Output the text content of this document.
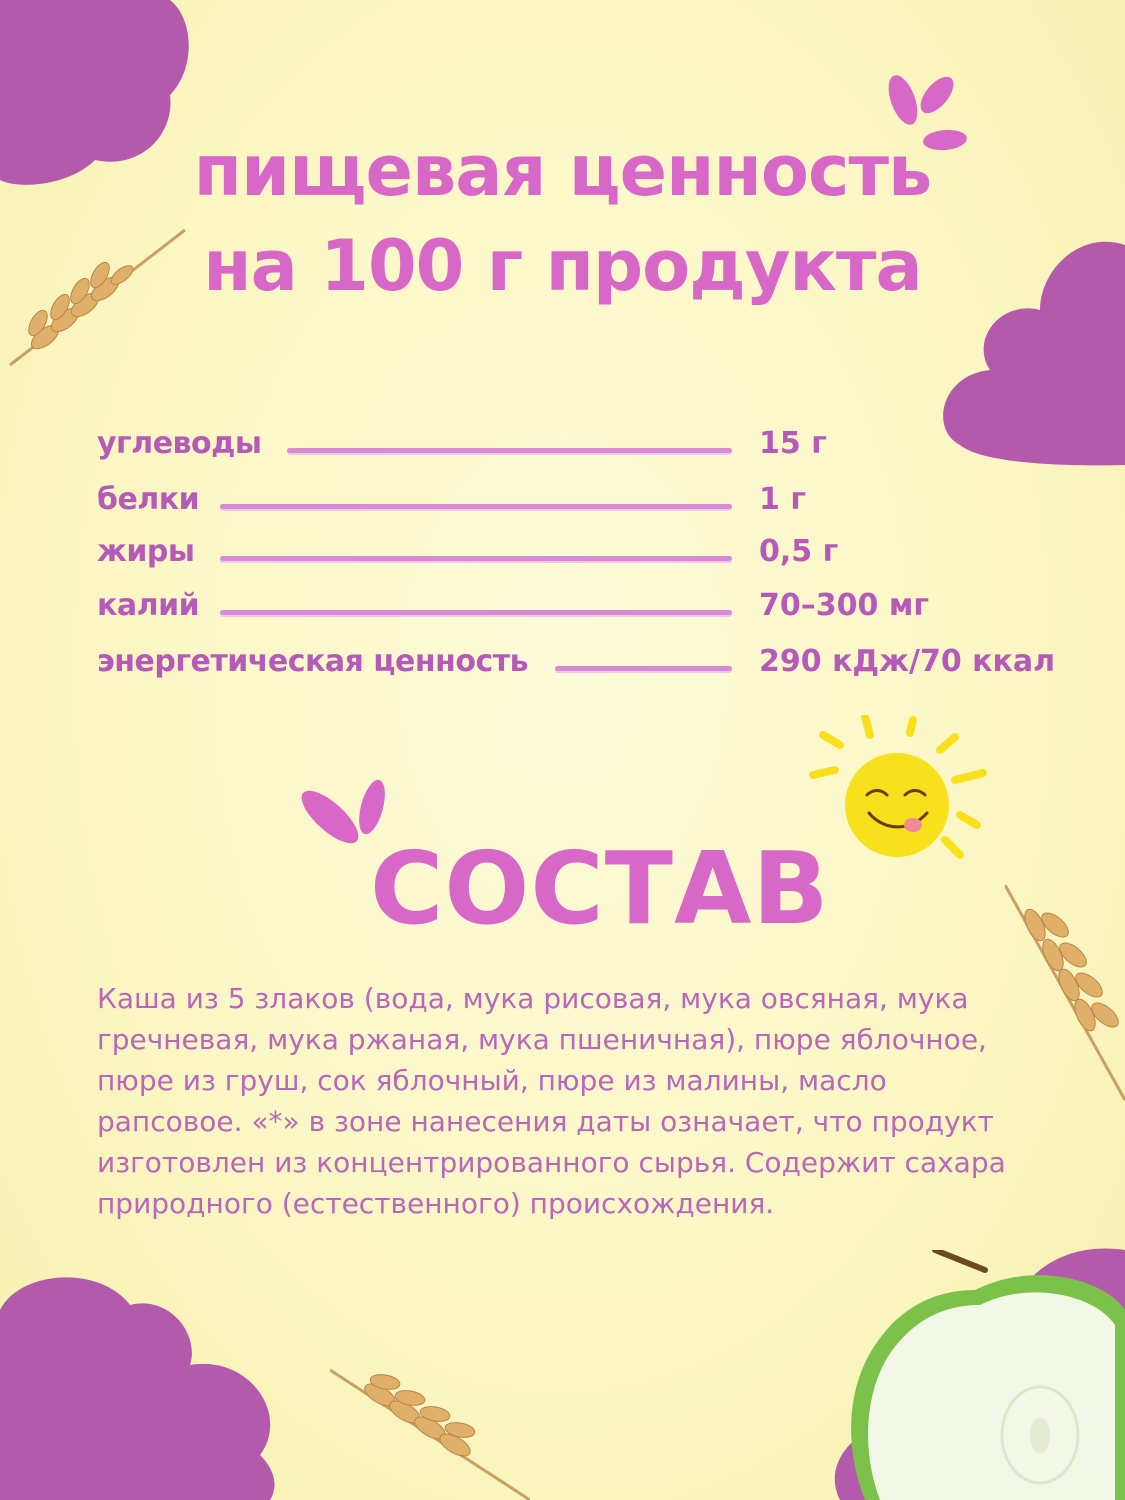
пищевая ценность
на 100 г продукта
углеводы	15 г
белки	1 г
жиры	0,5 г
калий	70–300 мг
энергетическая ценность	290 кДж/70 ккал
СОСТАВ

Каша из 5 злаков (вода, мука рисовая, мука овсяная, мука гречневая, мука ржаная, мука пшеничная), пюре яблочное, пюре из груш, сок яблочный, пюре из малины, масло рапсовое. «*» в зоне нанесения даты означает, что продукт изготовлен из концентрированного сырья. Содержит сахара природного (естественного) происхождения.
